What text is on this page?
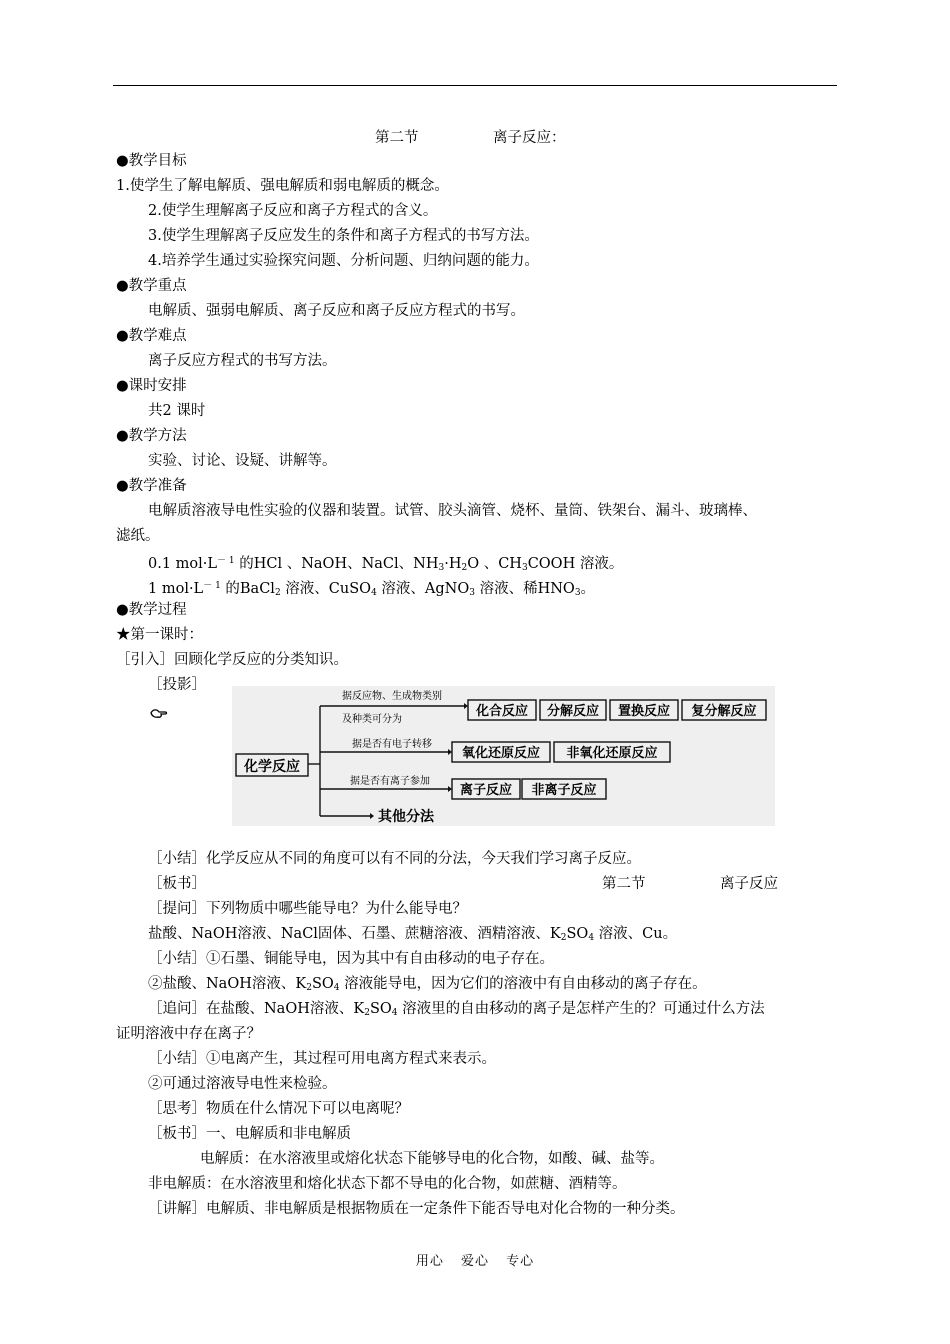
第二节	离子反应：
●教学目标
1.使学生了解电解质、强电解质和弱电解质的概念。
2.使学生理解离子反应和离子方程式的含义。
3.使学生理解离子反应发生的条件和离子方程式的书写方法。
4.培养学生通过实验探究问题、分析问题、归纳问题的能力。
●教学重点
电解质、强弱电解质、离子反应和离子反应方程式的书写。
●教学难点
离子反应方程式的书写方法。
●课时安排
共2 课时
●教学方法
实验、讨论、设疑、讲解等。
●教学准备
电解质溶液导电性实验的仪器和装置。试管、胶头滴管、烧杯、量筒、铁架台、漏斗、玻璃棒、
滤纸。
0.1 $mol\cdot L^{- 1}$ 的HCl 、NaOH、NaCl、$NH_3\cdot H_2O$ 、$CH_3COOH$ 溶液。
1 $mol\cdot L^{- 1}$ 的BaCl$_2$ 溶液、CuSO$_4$ 溶液、AgNO$_3$ 溶液、稀$HNO_3$。
●教学过程
★第一课时：
［引入］回顾化学反应的分类知识。
［投影］
化学反应
据反应物、生成物类别
及种类可分为
据是否有电子转移
据是否有离子参加
化合反应 分解反应 置换反应 复分解反应
氧化还原反应 非氧化还原反应
离子反应 非离子反应
其他分法
［小结］化学反应从不同的角度可以有不同的分法，今天我们学习离子反应。
［板书］	第二节	离子反应
［提问］下列物质中哪些能导电？为什么能导电？
盐酸、NaOH溶液、NaCl固体、石墨、蔗糖溶液、酒精溶液、$K_2SO_4$ 溶液、Cu。
［小结］①石墨、铜能导电，因为其中有自由移动的电子存在。
②盐酸、NaOH溶液、$K_2SO_4$ 溶液能导电，因为它们的溶液中有自由移动的离子存在。
［追问］在盐酸、NaOH溶液、$K_2SO_4$ 溶液里的自由移动的离子是怎样产生的？可通过什么方法
证明溶液中存在离子？
［小结］①电离产生，其过程可用电离方程式来表示。
②可通过溶液导电性来检验。
［思考］物质在什么情况下可以电离呢？
［板书］一、电解质和非电解质
电解质：在水溶液里或熔化状态下能够导电的化合物，如酸、碱、盐等。
非电解质：在水溶液里和熔化状态下都不导电的化合物，如蔗糖、酒精等。
［讲解］电解质、非电解质是根据物质在一定条件下能否导电对化合物的一种分类。
用心 爱心 专心
